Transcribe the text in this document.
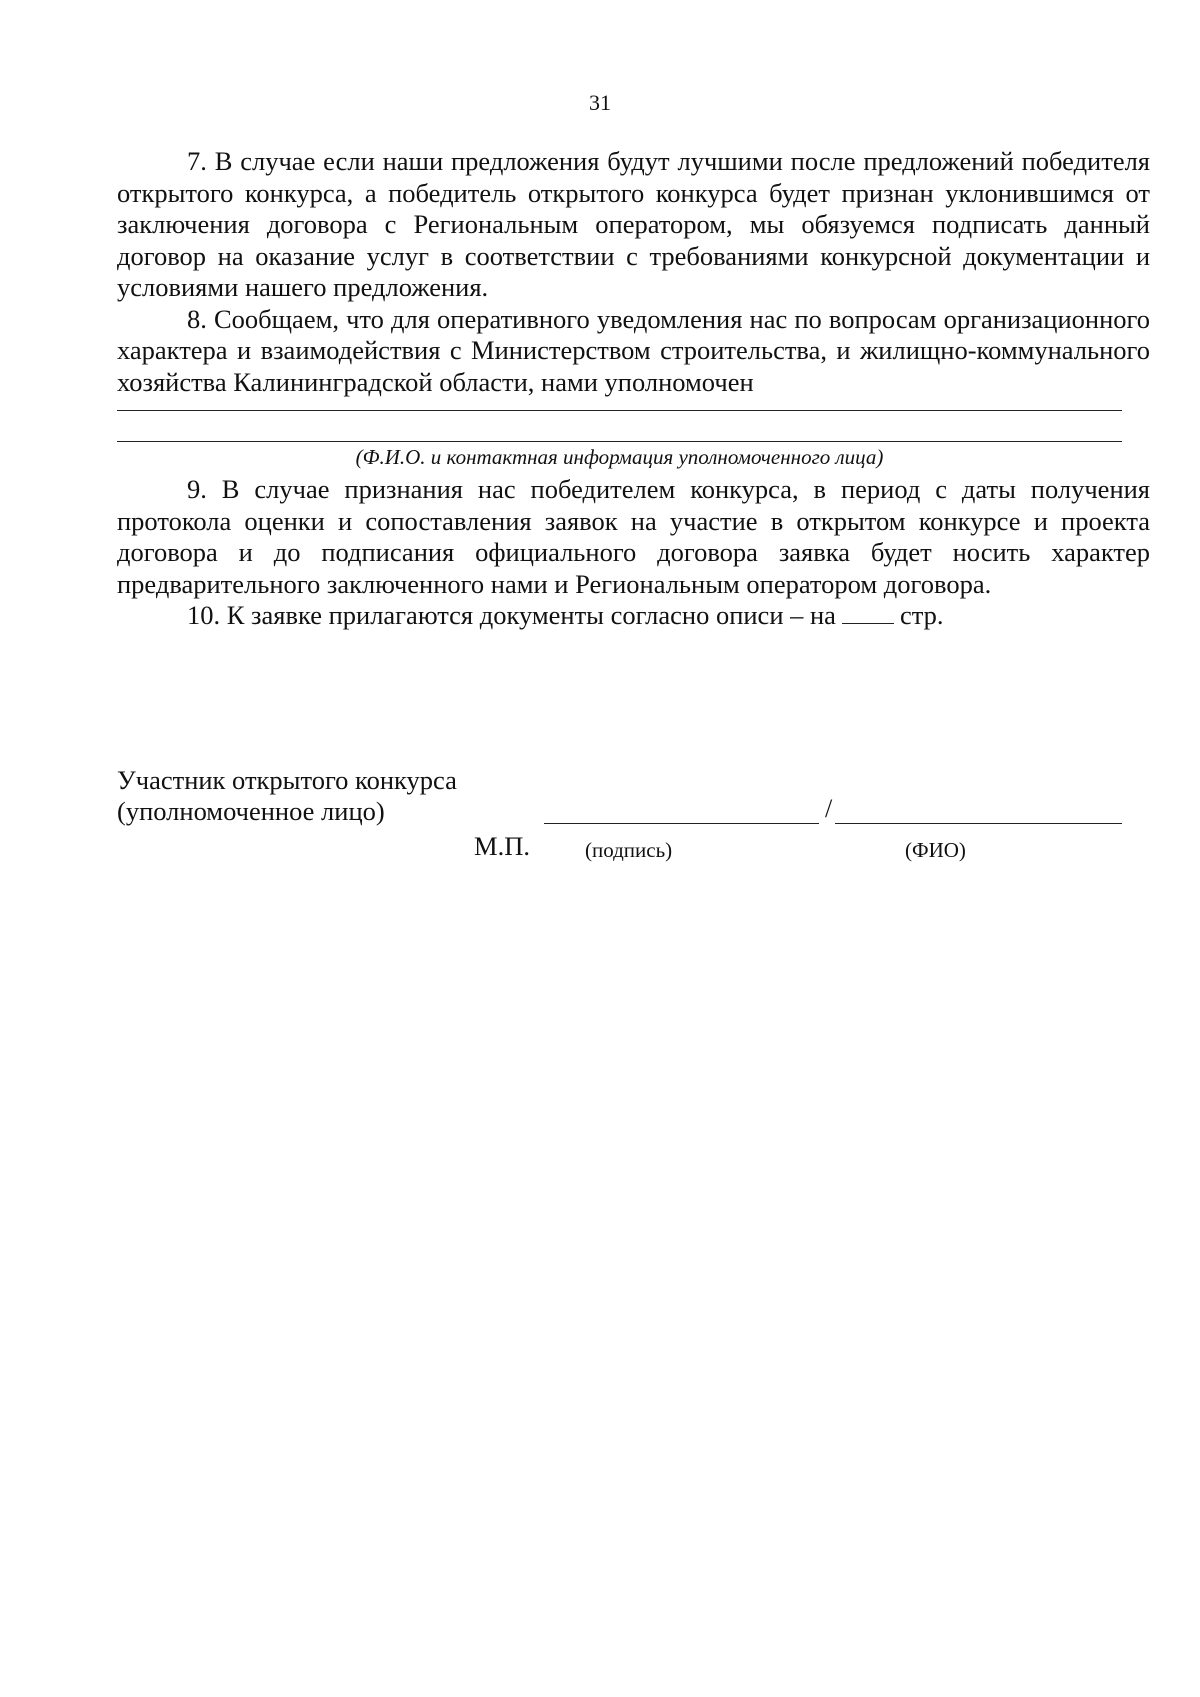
31

7. В случае если наши предложения будут лучшими после предложений победителя открытого конкурса, а победитель открытого конкурса будет признан уклонившимся от заключения договора с Региональным оператором, мы обязуемся подписать данный договор на оказание услуг в соответствии с требованиями конкурсной документации и условиями нашего предложения.

8. Сообщаем, что для оперативного уведомления нас по вопросам организационного характера и взаимодействия с Министерством строительства, и жилищно-коммунального хозяйства Калининградской области, нами уполномочен

(Ф.И.О. и контактная информация уполномоченного лица)

9. В случае признания нас победителем конкурса, в период с даты получения протокола оценки и сопоставления заявок на участие в открытом конкурсе и проекта договора и до подписания официального договора заявка будет носить характер предварительного заключенного нами и Региональным оператором договора.

10. К заявке прилагаются документы согласно описи – на стр.

Участник открытого конкурса
(уполномоченное лицо)	/
М.П.	(подпись)	(ФИО)
